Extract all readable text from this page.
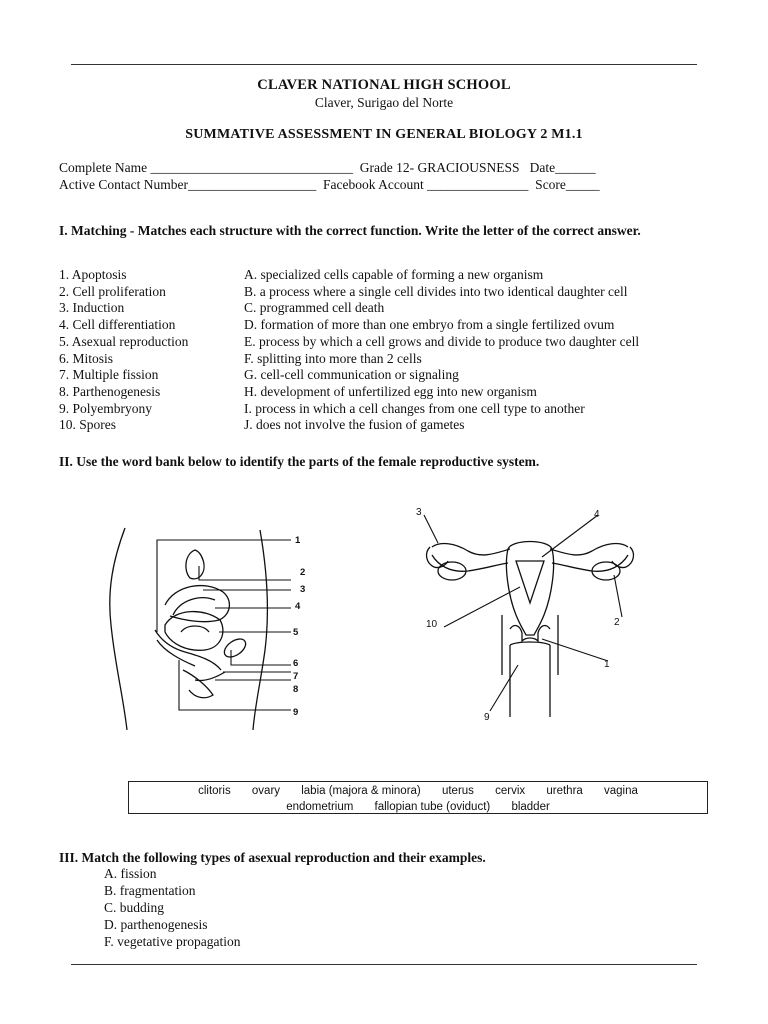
CLAVER NATIONAL HIGH SCHOOL
Claver, Surigao del Norte
SUMMATIVE ASSESSMENT IN GENERAL BIOLOGY 2 M1.1
Complete Name ______________________________  Grade 12- GRACIOUSNESS   Date______
Active Contact Number___________________  Facebook Account _______________  Score_____
I. Matching - Matches each structure with the correct function. Write the letter of the correct answer.
1. Apoptosis
2. Cell proliferation
3. Induction
4. Cell differentiation
5. Asexual reproduction
6. Mitosis
7. Multiple fission
8. Parthenogenesis
9. Polyembryony
10. Spores
A. specialized cells capable of forming a new organism
B. a process where a single cell divides into two identical daughter cell
C. programmed cell death
D. formation of more than one embryo from a single fertilized ovum
E. process by which a cell grows and divide to produce two daughter cell
F. splitting into more than 2 cells
G. cell-cell communication or signaling
H. development of unfertilized egg into new organism
I. process in which a cell changes from one cell type to another
J. does not involve the fusion of gametes
II. Use the word bank below to identify the parts of the female reproductive system.
1
2
3
4
5
6
7
8
9
3	4
10	2
1
9
clitoris ovary labia (majora & minora) uterus cervix urethra vagina
endometrium fallopian tube (oviduct) bladder
III. Match the following types of asexual reproduction and their examples.
A. fission
B. fragmentation
C. budding
D. parthenogenesis
F. vegetative propagation
